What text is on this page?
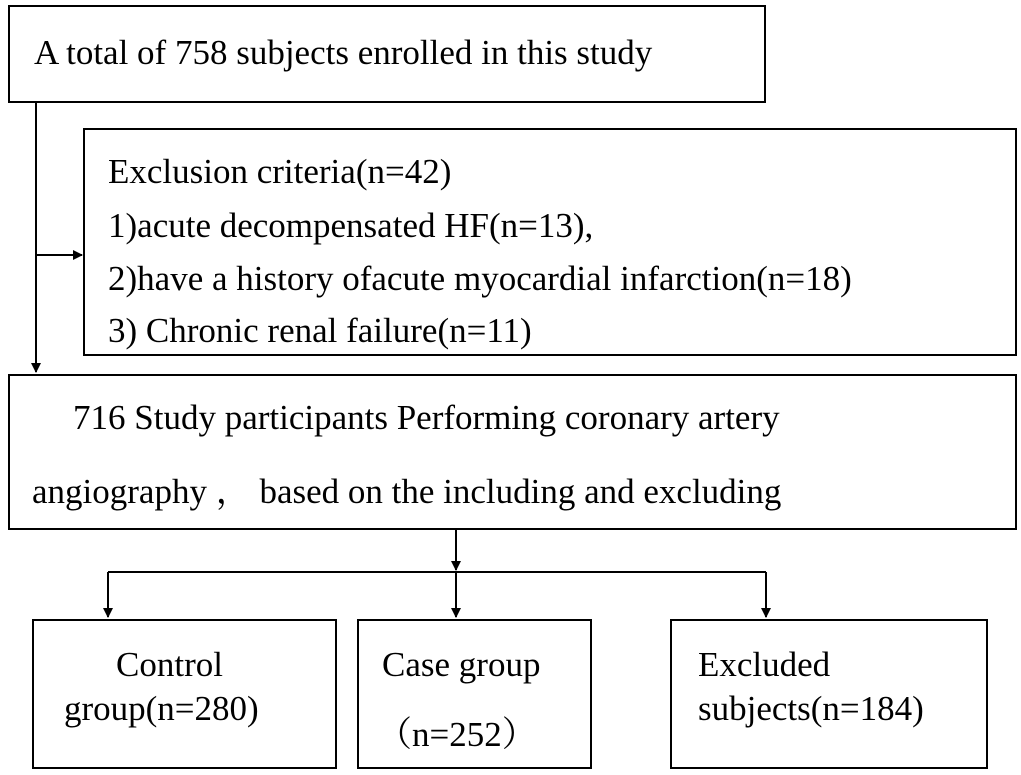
A total of 758 subjects enrolled in this study
Exclusion criteria(n=42)
1)acute decompensated HF(n=13),
2)have a history ofacute myocardial infarction(n=18)
3) Chronic renal failure(n=11)
716 Study participants Performing coronary artery
angiography ， based on the including and excluding
Control
group(n=280)
Case group
（n=252）
Excluded
subjects(n=184)
